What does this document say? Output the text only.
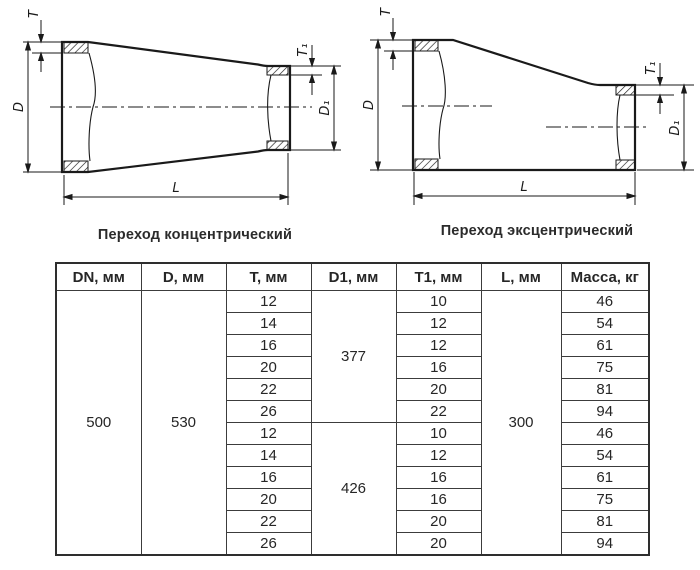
D
T
T₁
D₁
L
D
T
T₁
D₁
L
Переход концентрический	Переход эксцентрический
DN, мм	D, мм	T, мм	D1, мм	T1, мм	L, мм	Масса, кг
500	530	12	377	10	300	46
		14		12		54
		16		12		61
		20		16		75
		22		20		81
		26		22		94
		12	426	10		46
		14		12		54
		16		16		61
		20		16		75
		22		20		81
		26		20		94
